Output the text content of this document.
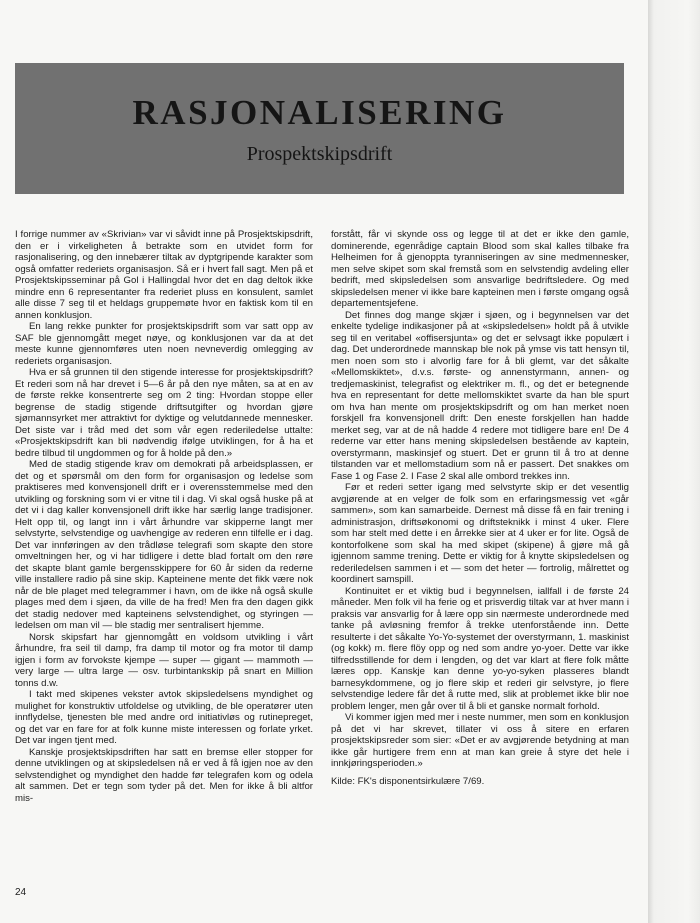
RASJONALISERING
Prospektskipsdrift

I forrige nummer av «Skrivian» var vi såvidt inne på Prosjektskipsdrift, den er i virkeligheten å betrakte som en utvidet form for rasjonalisering, og den innebærer tiltak av dyptgripende karakter som også omfatter rederiets organisasjon. Så er i hvert fall sagt. Men på et Prosjektskipsseminar på Gol i Hallingdal hvor det en dag deltok ikke mindre enn 6 representanter fra rederiet pluss en konsulent, samlet alle disse 7 seg til et heldags gruppemøte hvor en faktisk kom til en annen konklusjon.

En lang rekke punkter for prosjektskipsdrift som var satt opp av SAF ble gjennomgått meget nøye, og konklusjonen var da at det meste kunne gjennomføres uten noen nevneverdig omlegging av rederiets organisasjon.

Hva er så grunnen til den stigende interesse for prosjektskipsdrift? Et rederi som nå har drevet i 5—6 år på den nye måten, sa at en av de første rekke konsentrerte seg om 2 ting: Hvordan stoppe eller begrense de stadig stigende driftsutgifter og hvordan gjøre sjømannsyrket mer attraktivt for dyktige og velutdannede mennesker. Det siste var i tråd med det som vår egen rederiledelse uttalte: «Prosjektskipsdrift kan bli nødvendig ifølge utviklingen, for å ha et bedre tilbud til ungdommen og for å holde på den.»

Med de stadig stigende krav om demokrati på arbeidsplassen, er det og et spørsmål om den form for organisasjon og ledelse som praktiseres med konvensjonell drift er i overensstemmelse med den utvikling og forskning som vi er vitne til i dag. Vi skal også huske på at det vi i dag kaller konvensjonell drift ikke har særlig lange tradisjoner. Helt opp til, og langt inn i vårt århundre var skipperne langt mer selvstyrte, selvstendige og uavhengige av rederen enn tilfelle er i dag. Det var innføringen av den trådløse telegrafi som skapte den store omveltningen her, og vi har tidligere i dette blad fortalt om den røre det skapte blant gamle bergensskippere for 60 år siden da rederne ville installere radio på sine skip. Kapteinene mente det fikk være nok når de ble plaget med telegrammer i havn, om de ikke nå også skulle plages med dem i sjøen, da ville de ha fred! Men fra den dagen gikk det stadig nedover med kapteinens selvstendighet, og styringen — ledelsen om man vil — ble stadig mer sentralisert hjemme.

Norsk skipsfart har gjennomgått en voldsom utvikling i vårt århundre, fra seil til damp, fra damp til motor og fra motor til damp igjen i form av forvokste kjempe — super — gigant — mammoth — very large — ultra large — osv. turbintankskip på snart en Million tonns d.w.

I takt med skipenes vekster avtok skipsledelsens myndighet og mulighet for konstruktiv utfoldelse og utvikling, de ble operatører uten innflydelse, tjenesten ble med andre ord initiativløs og rutinepreget, og det var en fare for at folk kunne miste interessen og forlate yrket. Det var ingen tjent med.

Kanskje prosjektskipsdriften har satt en bremse eller stopper for denne utviklingen og at skipsledelsen nå er ved å få igjen noe av den selvstendighet og myndighet den hadde før telegrafen kom og odela alt sammen. Det er tegn som tyder på det. Men for ikke å bli altfor mis-

forstått, får vi skynde oss og legge til at det er ikke den gamle, dominerende, egenrådige captain Blood som skal kalles tilbake fra Helheimen for å gjenoppta tyranniseringen av sine medmennesker, men selve skipet som skal fremstå som en selvstendig avdeling eller bedrift, med skipsledelsen som ansvarlige bedriftsledere. Og med skipsledelsen mener vi ikke bare kapteinen men i første omgang også departementsjefene.

Det finnes dog mange skjær i sjøen, og i begynnelsen var det enkelte tydelige indikasjoner på at «skipsledelsen» holdt på å utvikle seg til en veritabel «offisersjunta» og det er selvsagt ikke populært i dag. Det underordnede mannskap ble nok på ymse vis tatt hensyn til, men noen som sto i alvorlig fare for å bli glemt, var det såkalte «Mellomskiktet», d.v.s. første- og annenstyrmann, annen- og tredjemaskinist, telegrafist og elektriker m. fl., og det er betegnende hva en representant for dette mellomskiktet svarte da han ble spurt om hva han mente om prosjektskipsdrift og om han merket noen forskjell fra konvensjonell drift: Den eneste forskjellen han hadde merket seg, var at de nå hadde 4 redere mot tidligere bare en! De 4 rederne var etter hans mening skipsledelsen bestående av kaptein, overstyrmann, maskinsjef og stuert. Det er grunn til å tro at denne tilstanden var et mellomstadium som nå er passert. Det snakkes om Fase 1 og Fase 2. I Fase 2 skal alle ombord trekkes inn.

Før et rederi setter igang med selvstyrte skip er det vesentlig avgjørende at en velger de folk som en erfaringsmessig vet «går sammen», som kan samarbeide. Dernest må disse få en fair trening i administrasjon, driftsøkonomi og driftsteknikk i minst 4 uker. Flere som har stelt med dette i en årrekke sier at 4 uker er for lite. Også de kontorfolkene som skal ha med skipet (skipene) å gjøre må gå igjennom samme trening. Dette er viktig for å knytte skipsledelsen og rederiledelsen sammen i et — som det heter — fortrolig, målrettet og koordinert samspill.

Kontinuitet er et viktig bud i begynnelsen, iallfall i de første 24 måneder. Men folk vil ha ferie og et prisverdig tiltak var at hver mann i praksis var ansvarlig for å lære opp sin nærmeste underordnede med tanke på avløsning fremfor å trekke utenforstående inn. Dette resulterte i det såkalte Yo-Yo-systemet der overstyrmann, 1. maskinist (og kokk) m. flere flöy opp og ned som andre yo-yoer. Dette var ikke tilfredsstillende for dem i lengden, og det var klart at flere folk måtte læres opp. Kanskje kan denne yo-yo-syken plasseres blandt barnesykdommene, og jo flere skip et rederi gir selvstyre, jo flere selvstendige ledere får det å rutte med, slik at problemet ikke blir noe problem lenger, men går over til å bli et ganske normalt forhold.

Vi kommer igjen med mer i neste nummer, men som en konklusjon på det vi har skrevet, tillater vi oss å sitere en erfaren prosjektskipsreder som sier: «Det er av avgjørende betydning at man ikke går hurtigere frem enn at man kan greie å styre det hele i innkjøringsperioden.»

Kilde: FK's disponentsirkulære 7/69.

24
